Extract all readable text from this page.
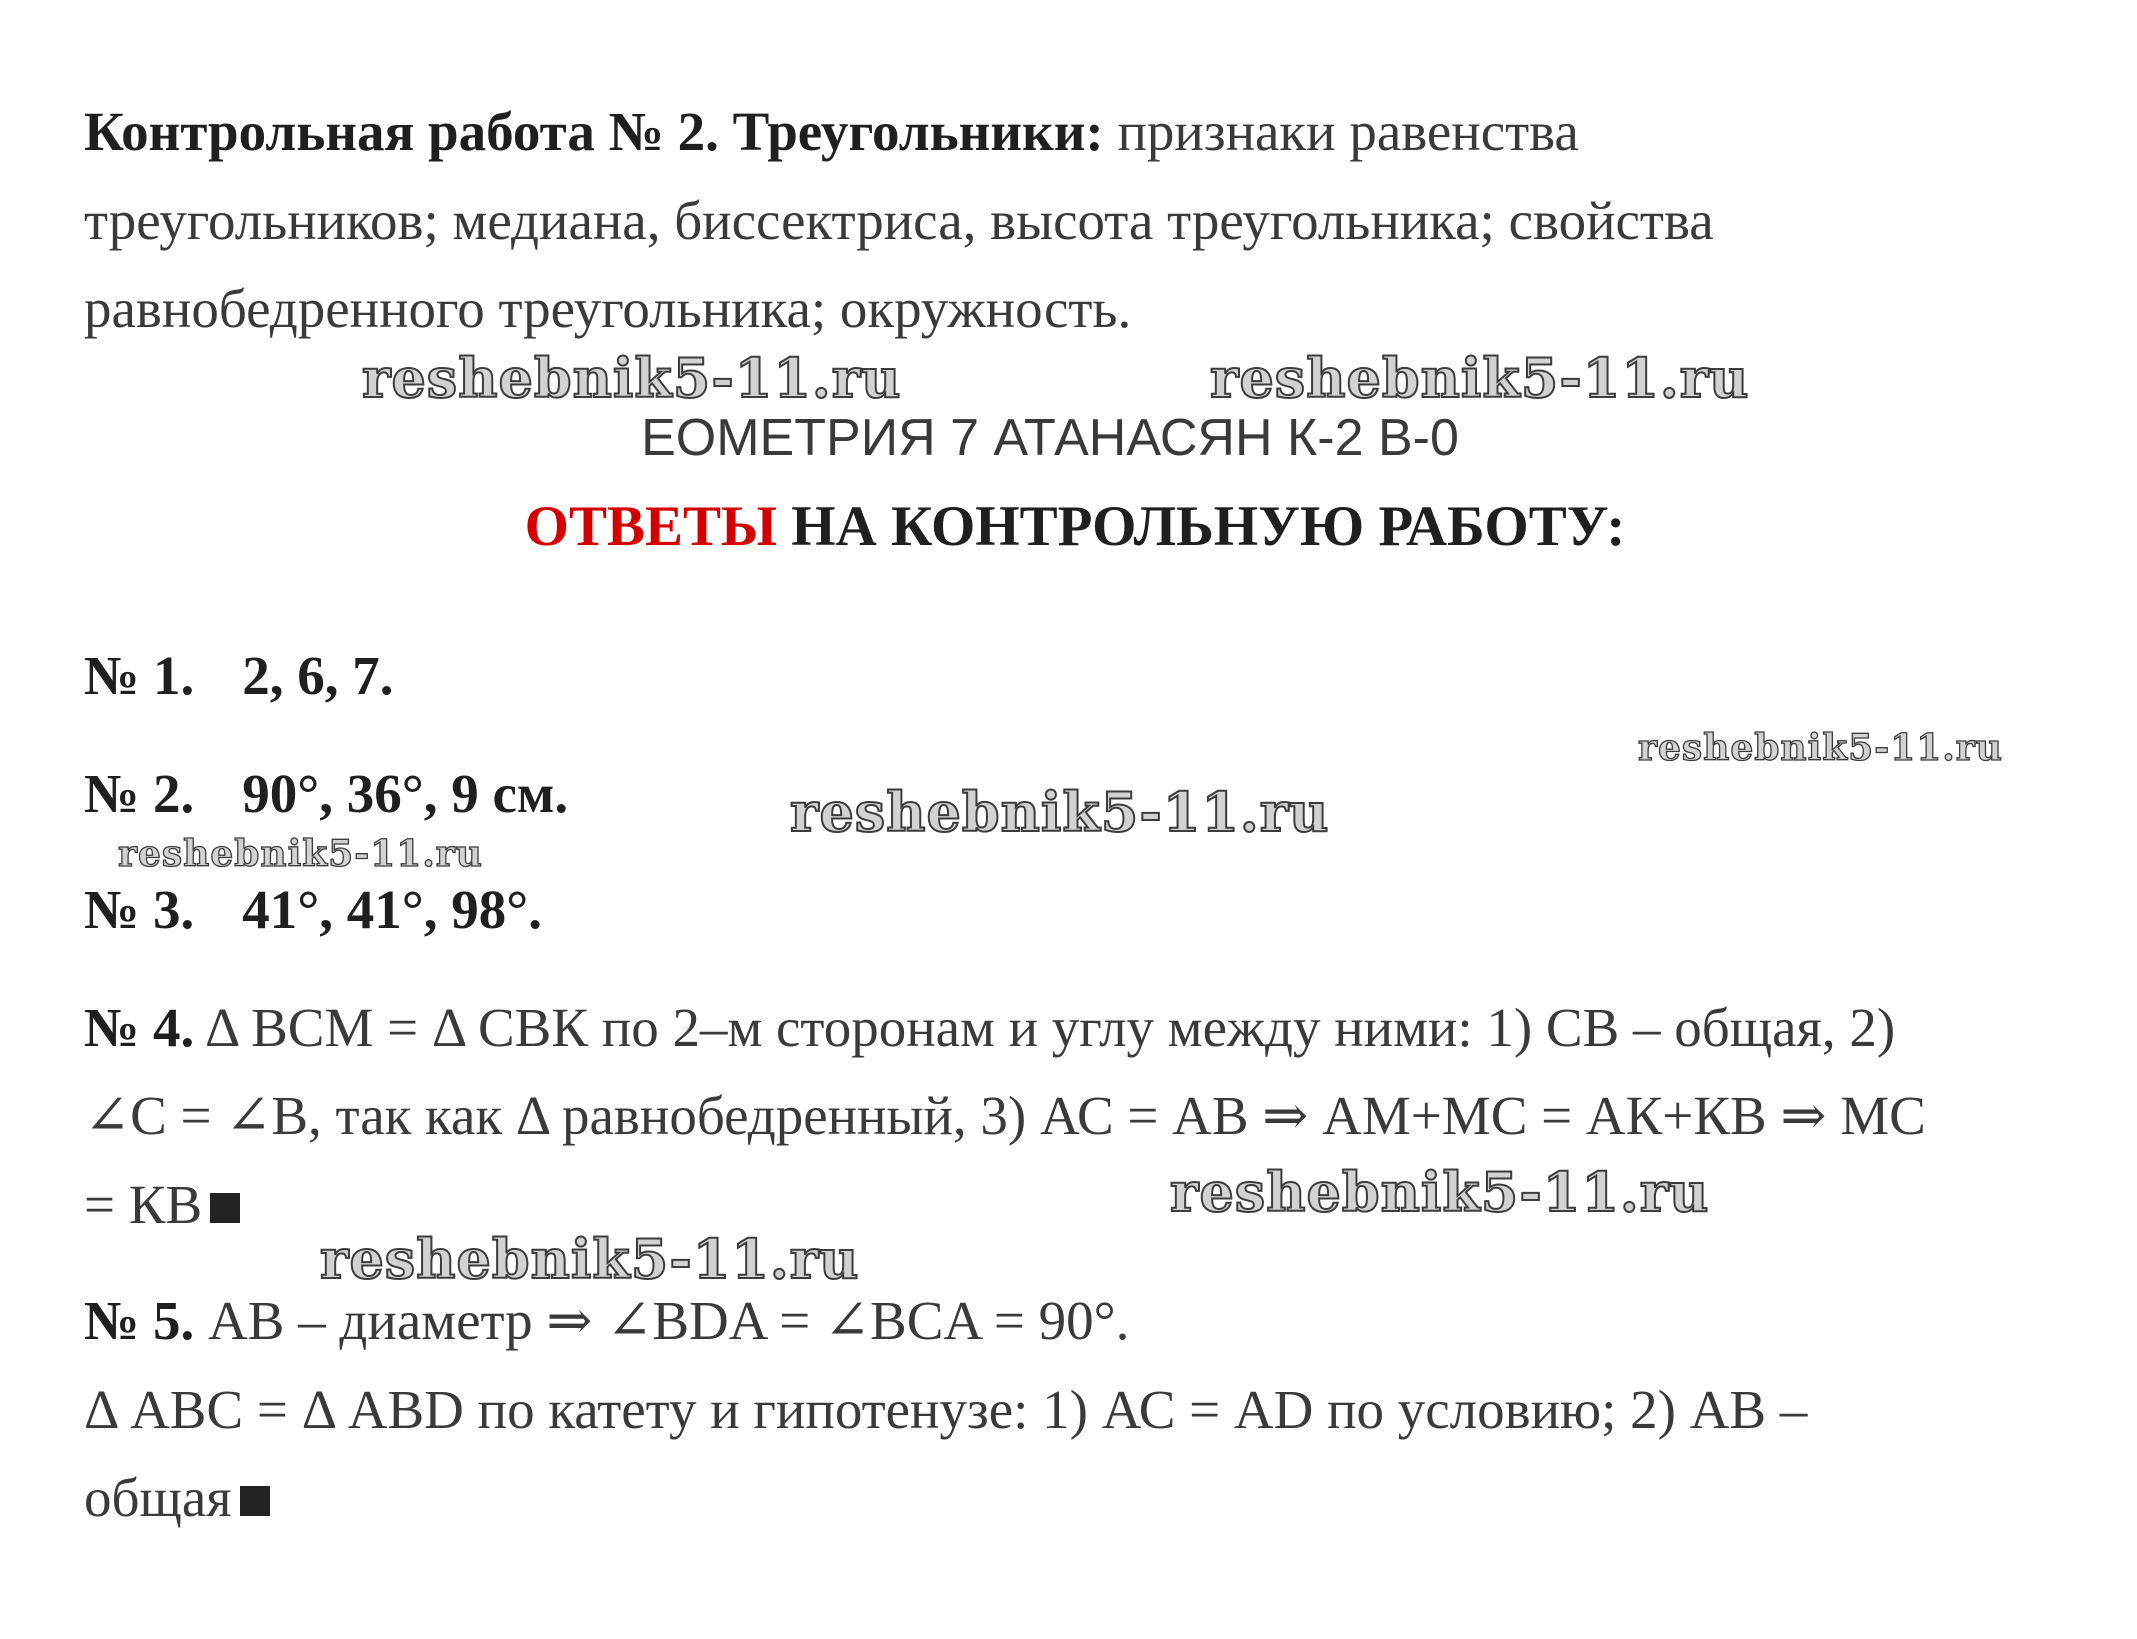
Контрольная работа № 2. Треугольники: признаки равенства
треугольников; медиана, биссектриса, высота треугольника; свойства
равнобедренного треугольника; окружность.
reshebnik5-11.ru	reshebnik5-11.ru
ЕОМЕТРИЯ 7 АТАНАСЯН К-2 В-0
ОТВЕТЫ НА КОНТРОЛЬНУЮ РАБОТУ:
№ 1. 2, 6, 7.
reshebnik5-11.ru
№ 2. 90°, 36°, 9 см.	reshebnik5-11.ru
reshebnik5-11.ru
№ 3. 41°, 41°, 98°.
№ 4. Δ ВСМ = Δ СВК по 2–м сторонам и углу между ними: 1) СВ – общая, 2)
∠С = ∠В, так как Δ равнобедренный, 3) АС = АВ ⇒ АМ+МС = АК+КВ ⇒ МС
= КВ	reshebnik5-11.ru
reshebnik5-11.ru
№ 5. АВ – диаметр ⇒ ∠BDA = ∠BCA = 90°.
Δ АВС = Δ ABD по катету и гипотенузе: 1) АС = AD по условию; 2) АВ –
общая
